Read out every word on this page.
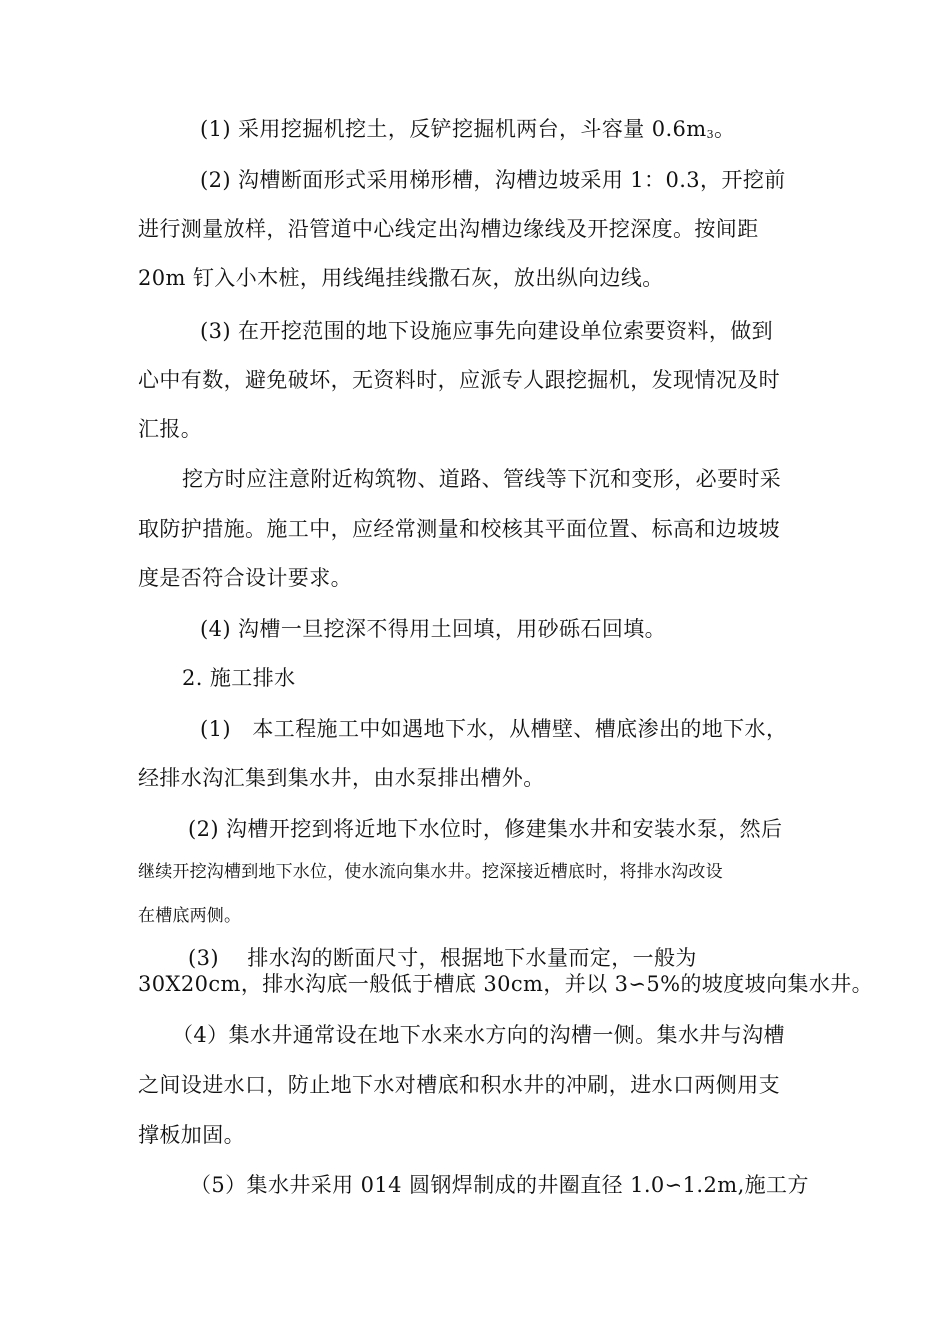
(1) 采用挖掘机挖土，反铲挖掘机两台，斗容量 0.6m3。
(2) 沟槽断面形式采用梯形槽，沟槽边坡采用 1：0.3，开挖前
进行测量放样，沿管道中心线定出沟槽边缘线及开挖深度。按间距
20m 钉入小木桩，用线绳挂线撒石灰，放出纵向边线。
(3) 在开挖范围的地下设施应事先向建设单位索要资料，做到
心中有数，避免破坏，无资料时，应派专人跟挖掘机，发现情况及时
汇报。
挖方时应注意附近构筑物、道路、管线等下沉和变形，必要时采
取防护措施。施工中，应经常测量和校核其平面位置、标高和边坡坡
度是否符合设计要求。
(4) 沟槽一旦挖深不得用土回填，用砂砾石回填。
2. 施工排水
(1)　本工程施工中如遇地下水，从槽壁、槽底渗出的地下水，
经排水沟汇集到集水井，由水泵排出槽外。
(2) 沟槽开挖到将近地下水位时，修建集水井和安装水泵，然后
继续开挖沟槽到地下水位，使水流向集水井。挖深接近槽底时，将排水沟改设
在槽底两侧。
(3)　 排水沟的断面尺寸，根据地下水量而定，一般为
30X20cm，排水沟底一般低于槽底 30cm，并以 3∽5%的坡度坡向集水井。
（4）集水井通常设在地下水来水方向的沟槽一侧。集水井与沟槽
之间设进水口，防止地下水对槽底和积水井的冲刷，进水口两侧用支
撑板加固。
（5）集水井采用 014 圆钢焊制成的井圈直径 1.0∽1.2m,施工方
